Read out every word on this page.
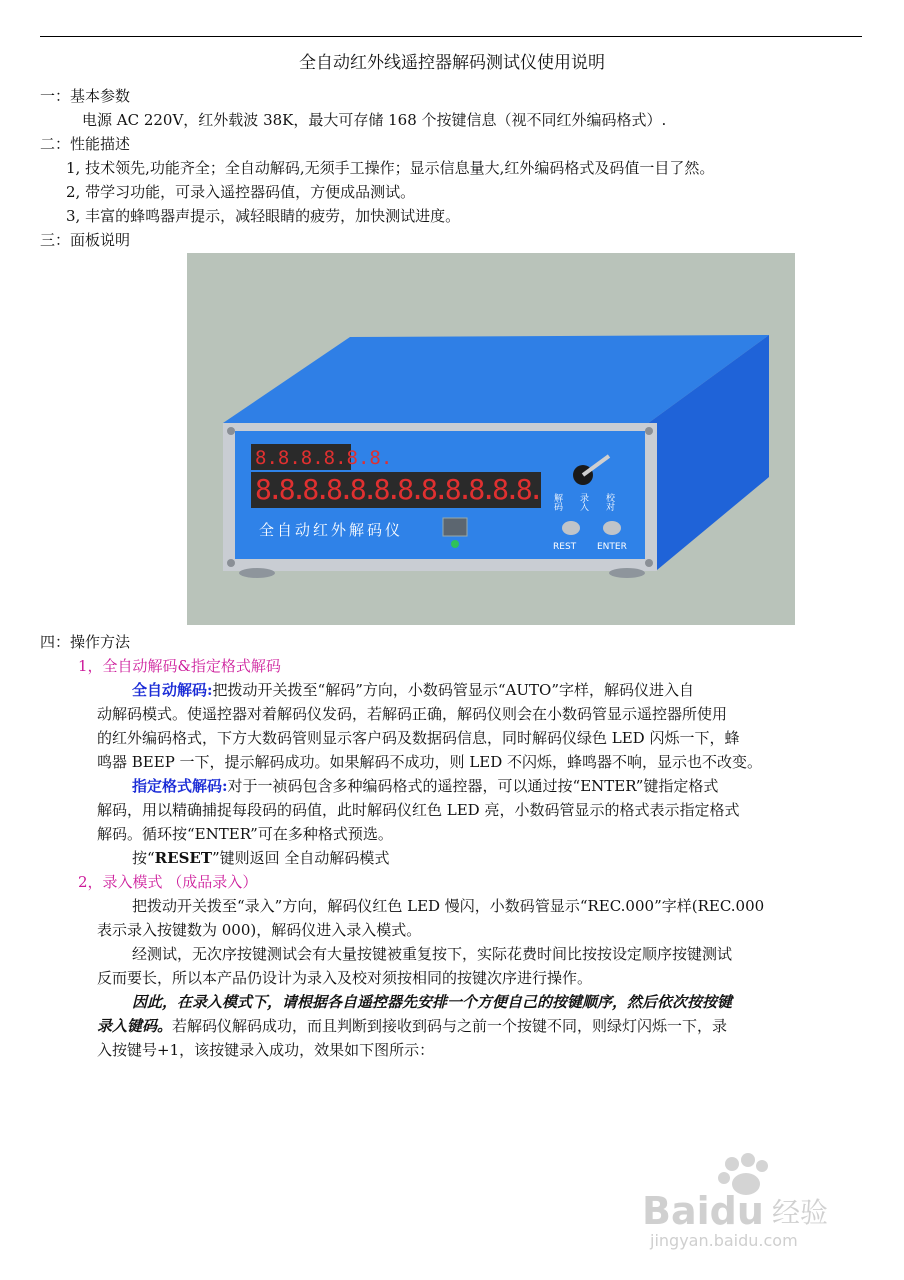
全自动红外线遥控器解码测试仪使用说明
一：基本参数
电源 AC 220V，红外载波 38K，最大可存储 168 个按键信息（视不同红外编码格式）.
二：性能描述
1, 技术领先,功能齐全；全自动解码,无须手工操作；显示信息量大,红外编码格式及码值一目了然。
2, 带学习功能，可录入遥控器码值，方便成品测试。
3, 丰富的蜂鸣器声提示，减轻眼睛的疲劳，加快测试进度。
三：面板说明
8.8.8.8.8.8.
8.8.8.8.8.8.8.8.8.8.8.8.
全自动红外解码仪
解码 录入 校对
REST ENTER
四：操作方法
1，全自动解码&指定格式解码
全自动解码:把拨动开关拨至“解码”方向，小数码管显示“AUTO”字样，解码仪进入自
动解码模式。使遥控器对着解码仪发码，若解码正确，解码仪则会在小数码管显示遥控器所使用
的红外编码格式，下方大数码管则显示客户码及数据码信息，同时解码仪绿色 LED 闪烁一下，蜂
鸣器 BEEP 一下，提示解码成功。如果解码不成功，则 LED 不闪烁，蜂鸣器不响，显示也不改变。
指定格式解码:对于一祯码包含多种编码格式的遥控器，可以通过按“ENTER”键指定格式
解码，用以精确捕捉每段码的码值，此时解码仪红色 LED 亮，小数码管显示的格式表示指定格式
解码。循环按“ENTER”可在多种格式预选。
按“RESET”键则返回 全自动解码模式
2，录入模式 （成品录入）
把拨动开关拨至“录入”方向，解码仪红色 LED 慢闪，小数码管显示“REC.000”字样(REC.000
表示录入按键数为 000)，解码仪进入录入模式。
经测试，无次序按键测试会有大量按键被重复按下，实际花费时间比按按设定顺序按键测试
反而要长，所以本产品仍设计为录入及校对须按相同的按键次序进行操作。
因此，在录入模式下，请根据各自遥控器先安排一个方便自己的按键顺序，然后依次按按键
录入键码。若解码仪解码成功，而且判断到接收到码与之前一个按键不同，则绿灯闪烁一下，录
入按键号+1，该按键录入成功，效果如下图所示：
Baidu 经验
jingyan.baidu.com
